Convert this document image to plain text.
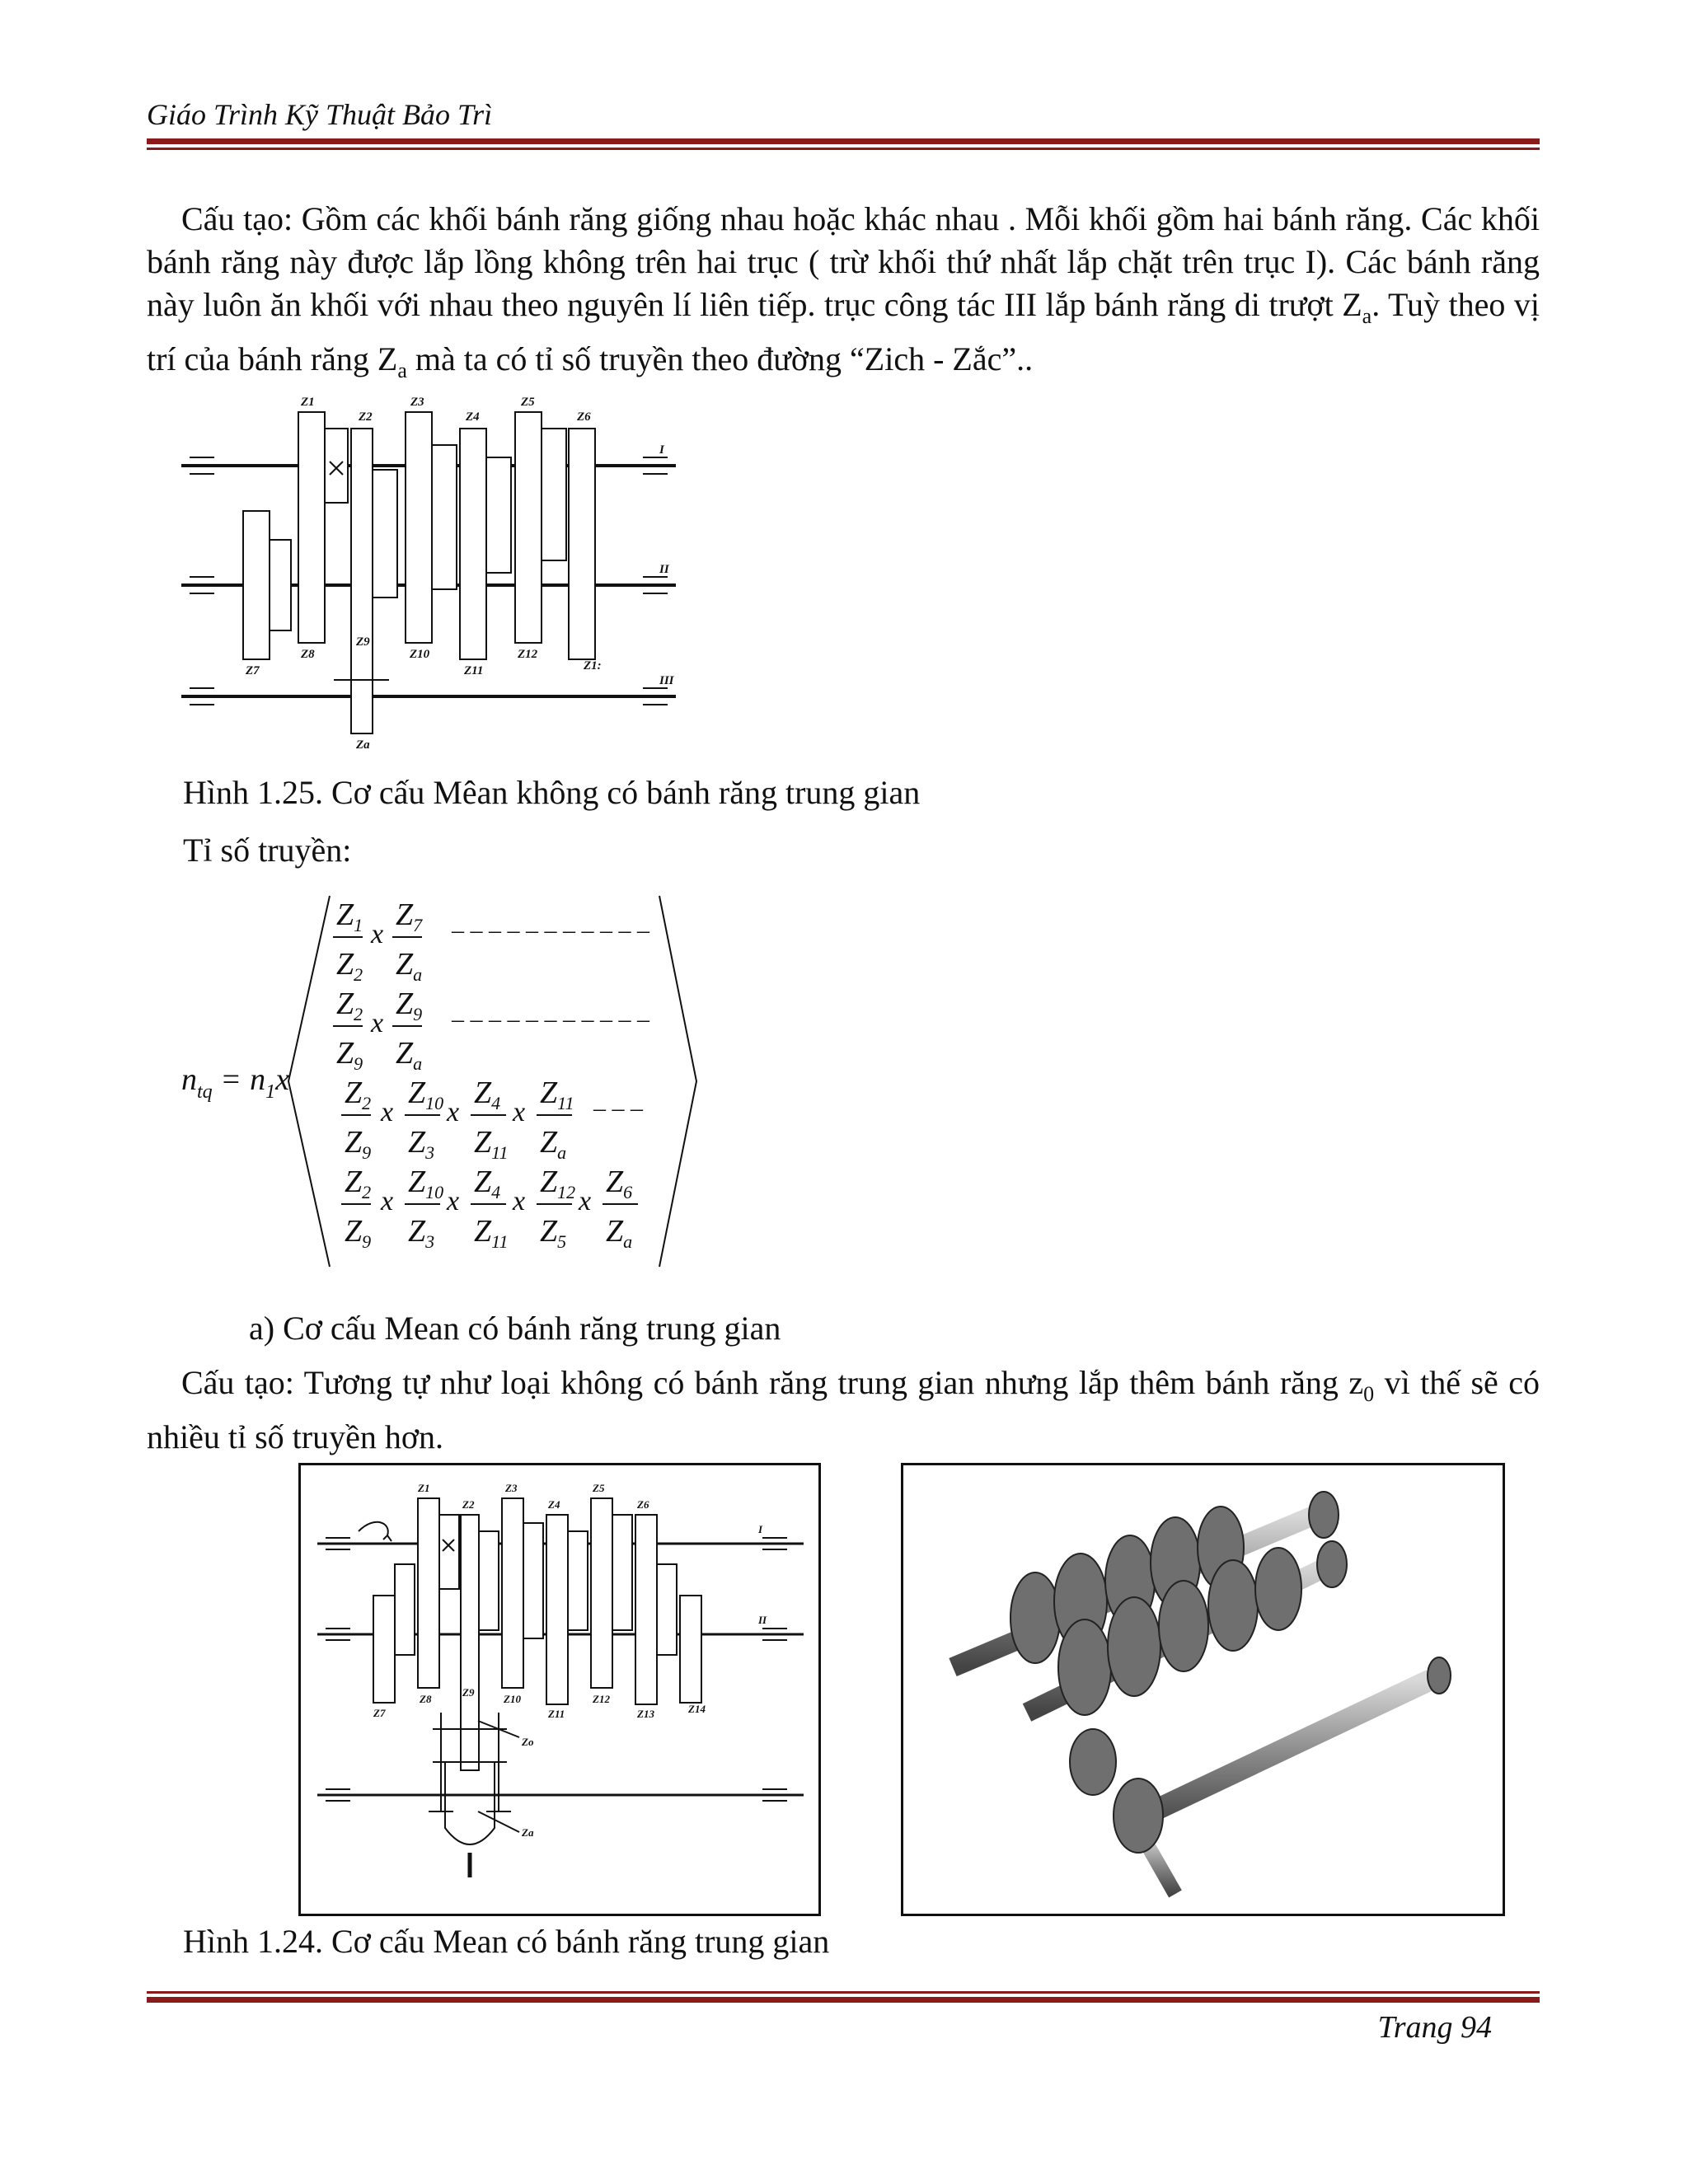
Giáo Trình Kỹ Thuật Bảo Trì
Cấu tạo: Gồm các khối bánh răng giống nhau hoặc khác nhau . Mỗi khối gồm hai bánh răng. Các khối bánh răng này được lắp lồng không trên hai trục ( trừ khối thứ nhất lắp chặt trên trục I). Các bánh răng này luôn ăn khối với nhau theo nguyên lí liên tiếp. trục công tác III lắp bánh răng di trượt $Z_a$. Tuỳ theo vị trí của bánh răng $Z_a$ mà ta có tỉ số truyền theo đường “Zich - Zắc”..
Z1
Z2
Z3
Z4
Z5
Z6
Z7
Z8
Z9
Z10
Z11
Z12
Z1:
Za
I
II
III
Hình 1.25. Cơ cấu Mêan không có bánh răng trung gian
Tỉ số truyền:
$n_{tq} = n_1x$
$Z_1$ $Z_7$
x
$Z_2$ $Z_a$
– – – – – – – – – – –
$Z_2$ $Z_9$
x
$Z_9$ $Z_a$
– – – – – – – – – – –
$Z_2$ $Z_{10}$ $Z_4$ $Z_{11}$
x x x
$Z_9$ $Z_3$ $Z_{11}$ $Z_a$
– – –
$Z_2$ $Z_{10}$ $Z_4$ $Z_{12}$ $Z_6$
x x x x
$Z_9$ $Z_3$ $Z_{11}$ $Z_5$ $Z_a$
a) Cơ cấu Mean có bánh răng trung gian
Cấu tạo: Tương tự như loại không có bánh răng trung gian nhưng lắp thêm bánh răng $z_0$ vì thế sẽ có nhiều tỉ số truyền hơn.
Z1
Z2
Z3
Z4
Z5
Z6
Z7
Z8
Z9
Z10
Z11
Z12
Z13	Z14
Zo
Za
I
II
Hình 1.24. Cơ cấu Mean có bánh răng trung gian
Trang 94
